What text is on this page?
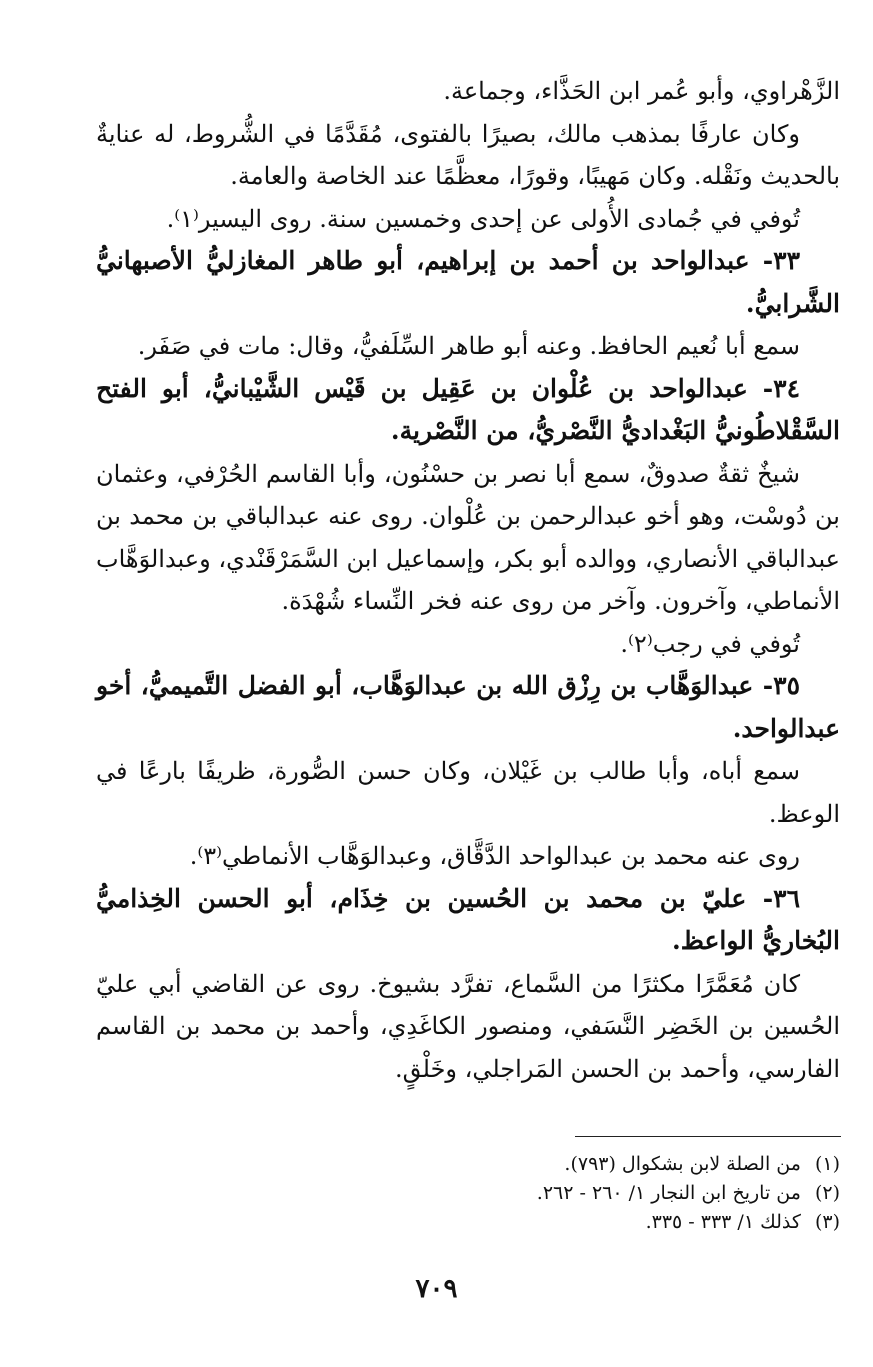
الزَّهْراوي، وأبو عُمر ابن الحَذَّاء، وجماعة.

وكان عارفًا بمذهب مالك، بصيرًا بالفتوى، مُقَدَّمًا في الشُّروط، له عنايةٌ بالحديث ونَقْله. وكان مَهيبًا، وقورًا، معظَّمًا عند الخاصة والعامة.

تُوفي في جُمادى الأُولى عن إحدى وخمسين سنة. روى اليسير⁽١⁾.

٣٣- عبدالواحد بن أحمد بن إبراهيم، أبو طاهر المغازليُّ الأصبهانيُّ الشَّرابيُّ.

سمع أبا نُعيم الحافظ. وعنه أبو طاهر السِّلَفيُّ، وقال: مات في صَفَر.

٣٤- عبدالواحد بن عُلْوان بن عَقِيل بن قَيْس الشَّيْبانيُّ، أبو الفتح السَّقْلاطُونيُّ البَغْداديُّ النَّصْريُّ، من النَّصْرية.

شيخٌ ثقةٌ صدوقٌ، سمع أبا نصر بن حسْنُون، وأبا القاسم الحُرْفي، وعثمان بن دُوسْت، وهو أخو عبدالرحمن بن عُلْوان. روى عنه عبدالباقي بن محمد بن عبدالباقي الأنصاري، ووالده أبو بكر، وإسماعيل ابن السَّمَرْقَنْدي، وعبدالوَهَّاب الأنماطي، وآخرون. وآخر من روى عنه فخر النِّساء شُهْدَة.

تُوفي في رجب⁽٢⁾.

٣٥- عبدالوَهَّاب بن رِزْق الله بن عبدالوَهَّاب، أبو الفضل التَّميميُّ، أخو عبدالواحد.

سمع أباه، وأبا طالب بن غَيْلان، وكان حسن الصُّورة، ظريفًا بارعًا في الوعظ.

روى عنه محمد بن عبدالواحد الدَّقَّاق، وعبدالوَهَّاب الأنماطي⁽٣⁾.

٣٦- عليّ بن محمد بن الحُسين بن خِذَام، أبو الحسن الخِذاميُّ البُخاريُّ الواعظ.

كان مُعَمَّرًا مكثرًا من السَّماع، تفرَّد بشيوخ. روى عن القاضي أبي عليّ الحُسين بن الخَضِر النَّسَفي، ومنصور الكاغَدِي، وأحمد بن محمد بن القاسم الفارسي، وأحمد بن الحسن المَراجلي، وخَلْقٍ.

(١)من الصلة لابن بشكوال (٧٩٣).

(٢)من تاريخ ابن النجار ١/ ٢٦٠ - ٢٦٢.

(٣)كذلك ١/ ٣٣٣ - ٣٣٥.

٧٠٩
